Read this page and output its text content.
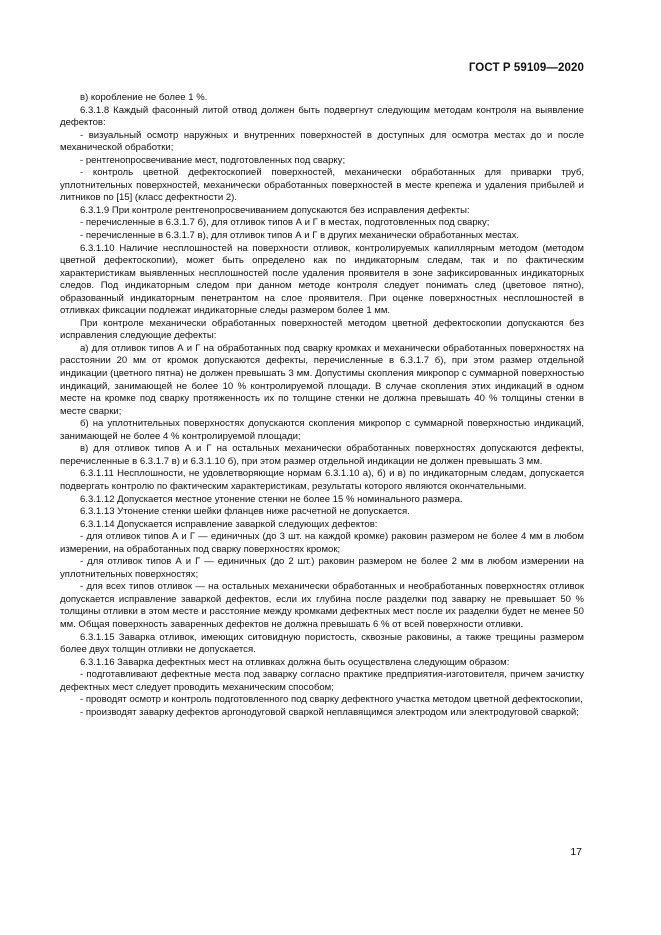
ГОСТ Р 59109—2020

в) коробление не более 1 %.

6.3.1.8 Каждый фасонный литой отвод должен быть подвергнут следующим методам контроля на выявление дефектов:

- визуальный осмотр наружных и внутренних поверхностей в доступных для осмотра местах до и после механической обработки;

- рентгенопросвечивание мест, подготовленных под сварку;

- контроль цветной дефектоскопией поверхностей, механически обработанных для приварки труб, уплотнительных поверхностей, механически обработанных поверхностей в месте крепежа и удаления прибылей и литников по [15] (класс дефектности 2).

6.3.1.9 При контроле рентгенопросвечиванием допускаются без исправления дефекты:

- перечисленные в 6.3.1.7 б), для отливок типов А и Г в местах, подготовленных под сварку;

- перечисленные в 6.3.1.7 в), для отливок типов А и Г в других механически обработанных местах.

6.3.1.10 Наличие несплошностей на поверхности отливок, контролируемых капиллярным методом (методом цветной дефектоскопии), может быть определено как по индикаторным следам, так и по фактическим характеристикам выявленных несплошностей после удаления проявителя в зоне зафиксированных индикаторных следов. Под индикаторным следом при данном методе контроля следует понимать след (цветовое пятно), образованный индикаторным пенетрантом на слое проявителя. При оценке поверхностных несплошностей в отливках фиксации подлежат индикаторные следы размером более 1 мм.

При контроле механически обработанных поверхностей методом цветной дефектоскопии допускаются без исправления следующие дефекты:

а) для отливок типов А и Г на обработанных под сварку кромках и механически обработанных поверхностях на расстоянии 20 мм от кромок допускаются дефекты, перечисленные в 6.3.1.7 б), при этом размер отдельной индикации (цветного пятна) не должен превышать 3 мм. Допустимы скопления микропор с суммарной поверхностью индикаций, занимающей не более 10 % контролируемой площади. В случае скопления этих индикаций в одном месте на кромке под сварку протяженность их по толщине стенки не должна превышать 40 % толщины стенки в месте сварки;

б) на уплотнительных поверхностях допускаются скопления микропор с суммарной поверхностью индикаций, занимающей не более 4 % контролируемой площади;

в) для отливок типов А и Г на остальных механически обработанных поверхностях допускаются дефекты, перечисленные в 6.3.1.7 в) и 6.3.1.10 б), при этом размер отдельной индикации не должен превышать 3 мм.

6.3.1.11 Несплошности, не удовлетворяющие нормам 6.3.1.10 а), б) и в) по индикаторным следам, допускается подвергать контролю по фактическим характеристикам, результаты которого являются окончательными.

6.3.1.12 Допускается местное утонение стенки не более 15 % номинального размера.

6.3.1.13 Утонение стенки шейки фланцев ниже расчетной не допускается.

6.3.1.14 Допускается исправление заваркой следующих дефектов:

- для отливок типов А и Г — единичных (до 3 шт. на каждой кромке) раковин размером не более 4 мм в любом измерении, на обработанных под сварку поверхностях кромок;

- для отливок типов А и Г — единичных (до 2 шт.) раковин размером не более 2 мм в любом измерении на уплотнительных поверхностях;

- для всех типов отливок — на остальных механически обработанных и необработанных поверхностях отливок допускается исправление заваркой дефектов, если их глубина после разделки под заварку не превышает 50 % толщины отливки в этом месте и расстояние между кромками дефектных мест после их разделки будет не менее 50 мм. Общая поверхность заваренных дефектов не должна превышать 6 % от всей поверхности отливки.

6.3.1.15 Заварка отливок, имеющих ситовидную пористость, сквозные раковины, а также трещины размером более двух толщин отливки не допускается.

6.3.1.16 Заварка дефектных мест на отливках должна быть осуществлена следующим образом:

- подготавливают дефектные места под заварку согласно практике предприятия-изготовителя, причем зачистку дефектных мест следует проводить механическим способом;

- проводят осмотр и контроль подготовленного под сварку дефектного участка методом цветной дефектоскопии,

- производят заварку дефектов аргонодуговой сваркой неплавящимся электродом или электродуговой сваркой;

17
